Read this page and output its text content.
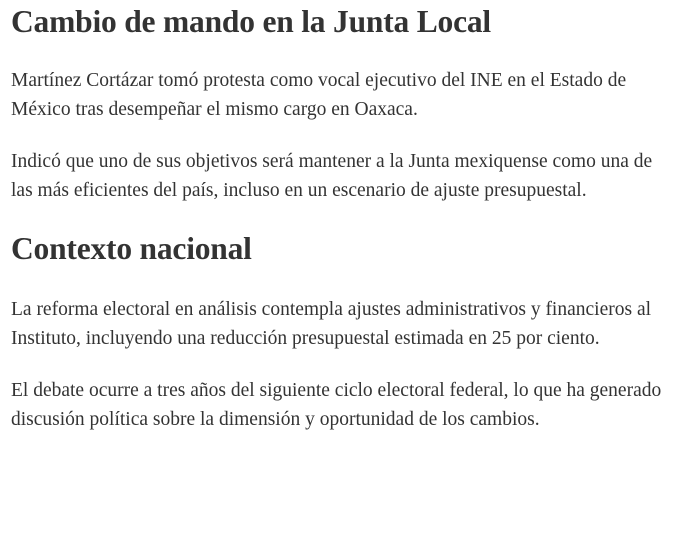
Cambio de mando en la Junta Local

Martínez Cortázar tomó protesta como vocal ejecutivo del INE en el Estado de México tras desempeñar el mismo cargo en Oaxaca.

Indicó que uno de sus objetivos será mantener a la Junta mexiquense como una de las más eficientes del país, incluso en un escenario de ajuste presupuestal.

Contexto nacional

La reforma electoral en análisis contempla ajustes administrativos y financieros al Instituto, incluyendo una reducción presupuestal estimada en 25 por ciento.

El debate ocurre a tres años del siguiente ciclo electoral federal, lo que ha generado discusión política sobre la dimensión y oportunidad de los cambios.
